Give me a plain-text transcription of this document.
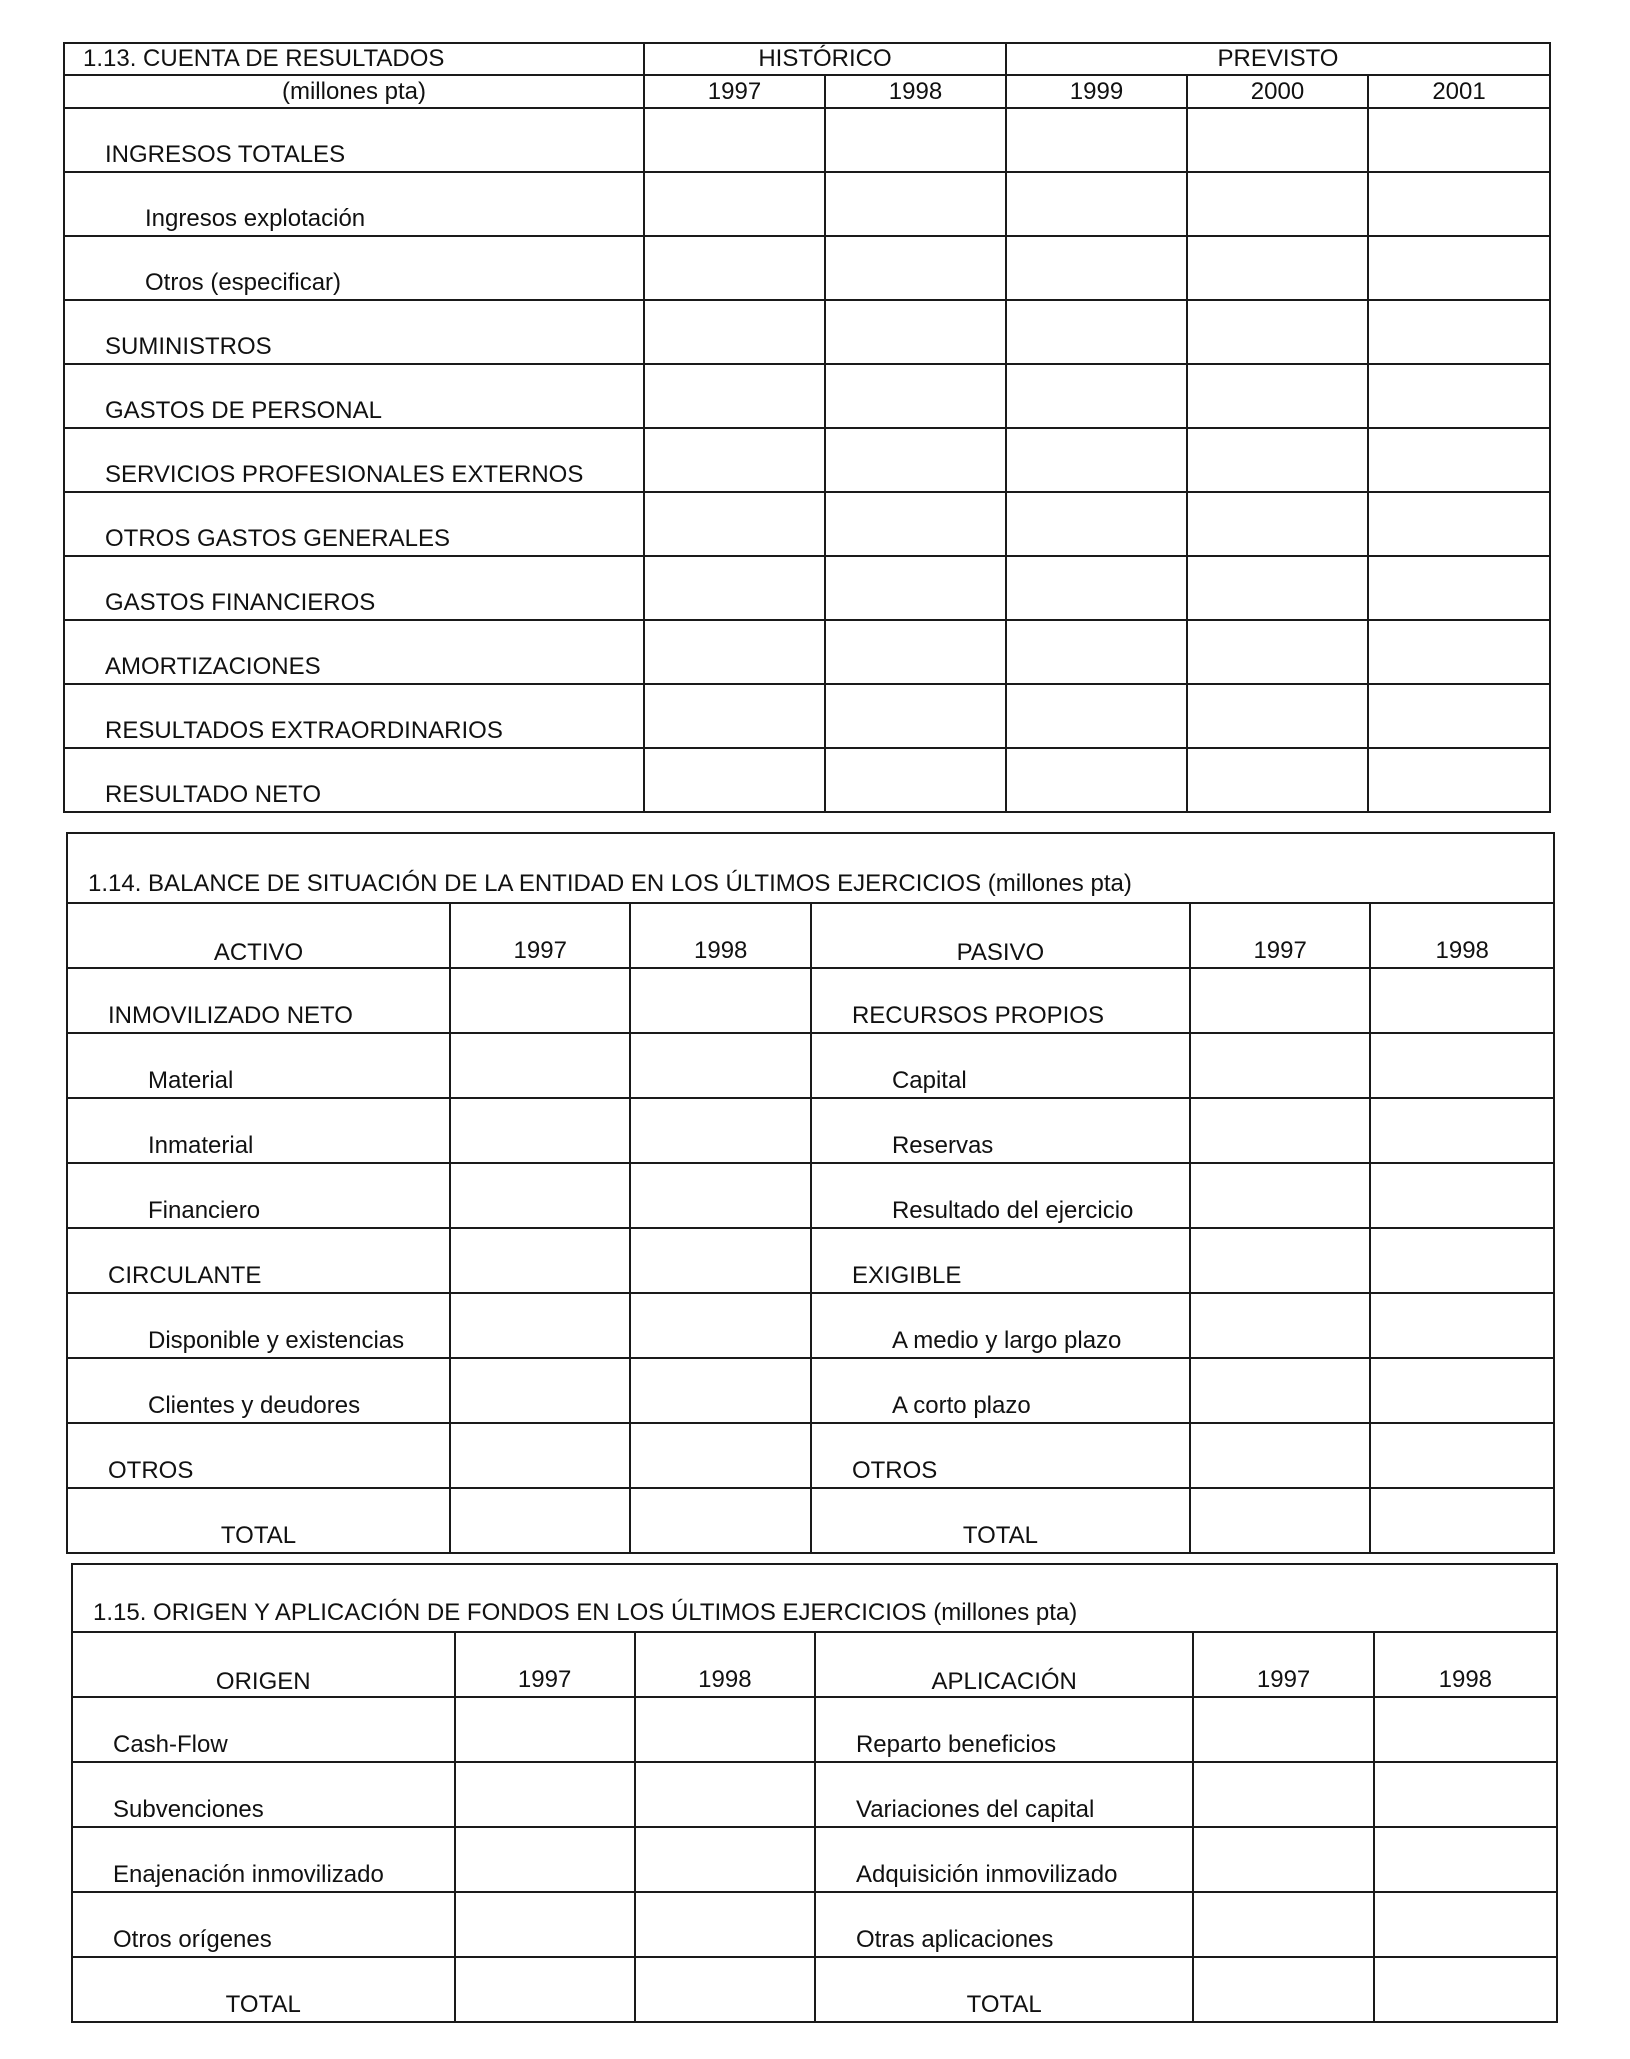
1.13. CUENTA DE RESULTADOS	HISTÓRICO		PREVISTO		
(millones pta)	1997	1998	1999	2000	2001
INGRESOS TOTALES					
Ingresos explotación					
Otros (especificar)					
SUMINISTROS					
GASTOS DE PERSONAL					
SERVICIOS PROFESIONALES EXTERNOS					
OTROS GASTOS GENERALES					
GASTOS FINANCIEROS					
AMORTIZACIONES					
RESULTADOS EXTRAORDINARIOS					
RESULTADO NETO					
1.14. BALANCE DE SITUACIÓN DE LA ENTIDAD EN LOS ÚLTIMOS EJERCICIOS (millones pta)					
ACTIVO	1997	1998	PASIVO	1997	1998
INMOVILIZADO NETO			RECURSOS PROPIOS		
Material			Capital		
Inmaterial			Reservas		
Financiero			Resultado del ejercicio		
CIRCULANTE			EXIGIBLE		
Disponible y existencias			A medio y largo plazo		
Clientes y deudores			A corto plazo		
OTROS			OTROS		
TOTAL			TOTAL		
1.15. ORIGEN Y APLICACIÓN DE FONDOS EN LOS ÚLTIMOS EJERCICIOS (millones pta)					
ORIGEN	1997	1998	APLICACIÓN	1997	1998
Cash-Flow			Reparto beneficios		
Subvenciones			Variaciones del capital		
Enajenación inmovilizado			Adquisición inmovilizado		
Otros orígenes			Otras aplicaciones		
TOTAL			TOTAL		
